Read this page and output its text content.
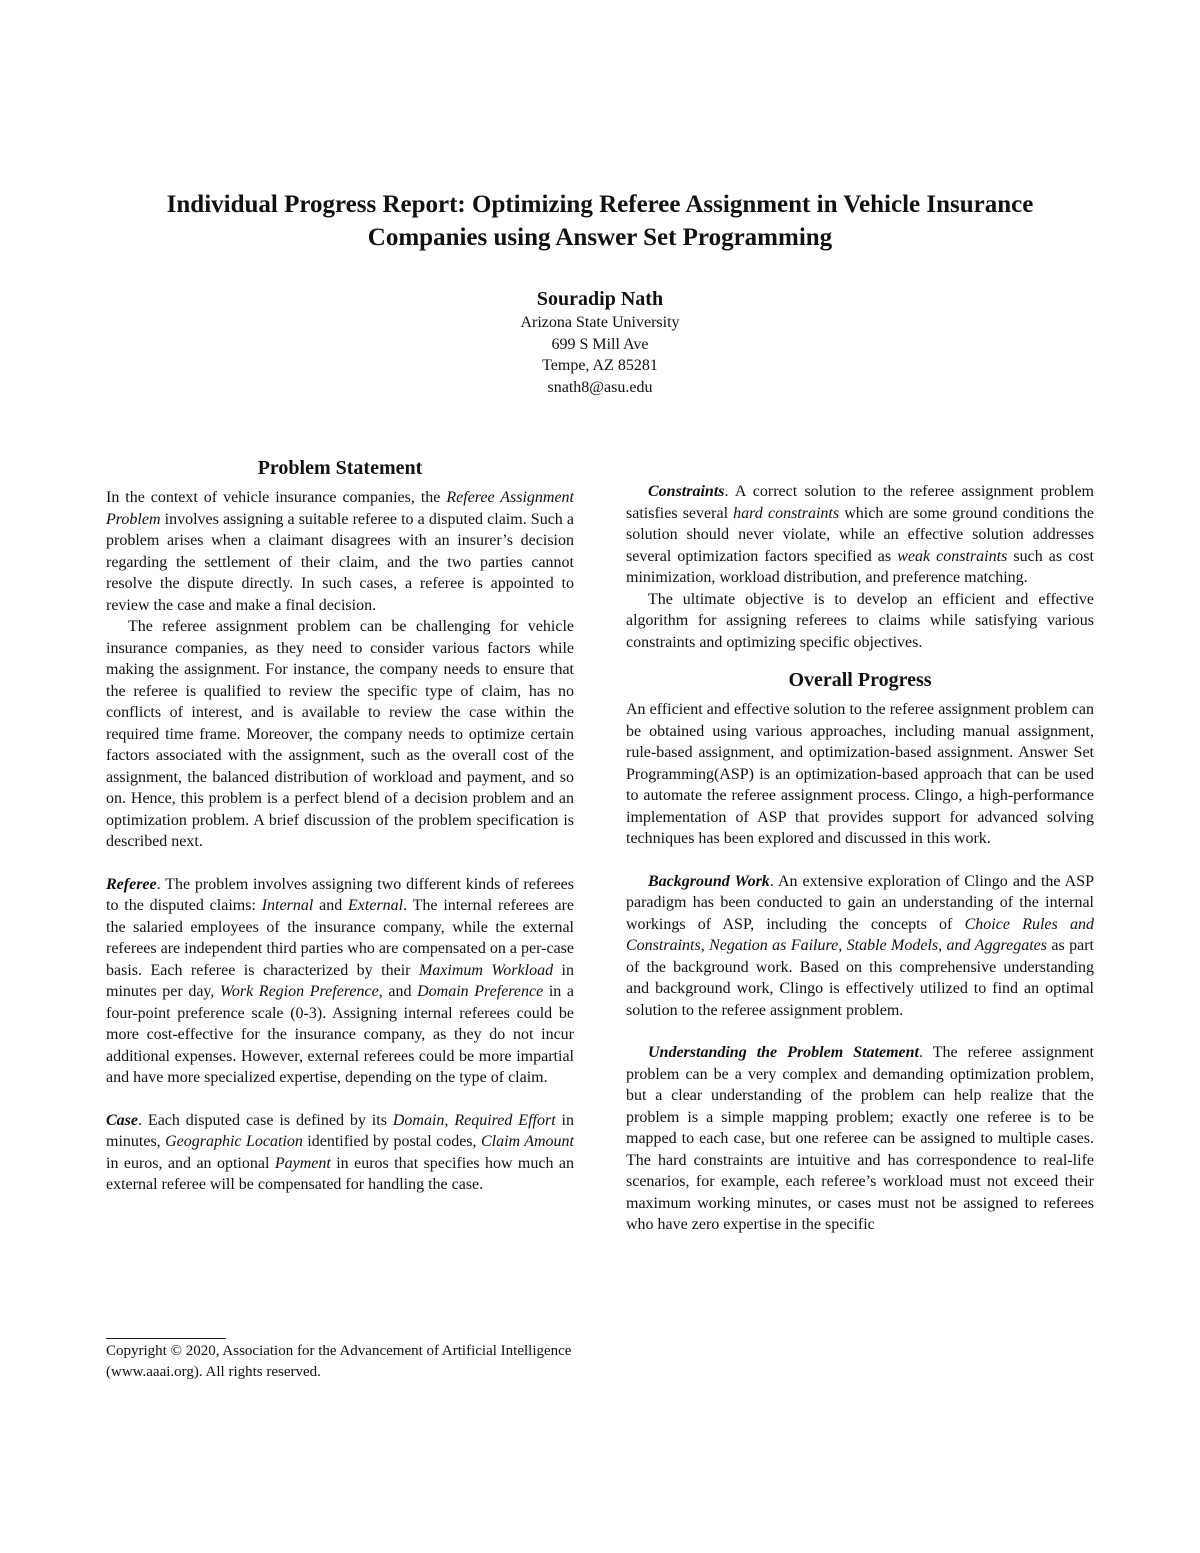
Individual Progress Report: Optimizing Referee Assignment in Vehicle Insurance
Companies using Answer Set Programming
Souradip Nath
Arizona State University
699 S Mill Ave
Tempe, AZ 85281
snath8@asu.edu
Problem Statement

In the context of vehicle insurance companies, the Referee Assignment Problem involves assigning a suitable referee to a disputed claim. Such a problem arises when a claimant disagrees with an insurer’s decision regarding the settlement of their claim, and the two parties cannot resolve the dispute directly. In such cases, a referee is appointed to review the case and make a final decision.

The referee assignment problem can be challenging for vehicle insurance companies, as they need to consider various factors while making the assignment. For instance, the company needs to ensure that the referee is qualified to review the specific type of claim, has no conflicts of interest, and is available to review the case within the required time frame. Moreover, the company needs to optimize certain factors associated with the assignment, such as the overall cost of the assignment, the balanced distribution of workload and payment, and so on. Hence, this problem is a perfect blend of a decision problem and an optimization problem. A brief discussion of the problem specification is described next.

Referee. The problem involves assigning two different kinds of referees to the disputed claims: Internal and External. The internal referees are the salaried employees of the insurance company, while the external referees are independent third parties who are compensated on a per-case basis. Each referee is characterized by their Maximum Workload in minutes per day, Work Region Preference, and Domain Preference in a four-point preference scale (0-3). Assigning internal referees could be more cost-effective for the insurance company, as they do not incur additional expenses. However, external referees could be more impartial and have more specialized expertise, depending on the type of claim.

Case. Each disputed case is defined by its Domain, Required Effort in minutes, Geographic Location identified by postal codes, Claim Amount in euros, and an optional Payment in euros that specifies how much an external referee will be compensated for handling the case.

Constraints. A correct solution to the referee assignment problem satisfies several hard constraints which are some ground conditions the solution should never violate, while an effective solution addresses several optimization factors specified as weak constraints such as cost minimization, workload distribution, and preference matching.

The ultimate objective is to develop an efficient and effective algorithm for assigning referees to claims while satisfying various constraints and optimizing specific objectives.

Overall Progress

An efficient and effective solution to the referee assignment problem can be obtained using various approaches, including manual assignment, rule-based assignment, and optimization-based assignment. Answer Set Programming(ASP) is an optimization-based approach that can be used to automate the referee assignment process. Clingo, a high-performance implementation of ASP that provides support for advanced solving techniques has been explored and discussed in this work.

Background Work. An extensive exploration of Clingo and the ASP paradigm has been conducted to gain an understanding of the internal workings of ASP, including the concepts of Choice Rules and Constraints, Negation as Failure, Stable Models, and Aggregates as part of the background work. Based on this comprehensive understanding and background work, Clingo is effectively utilized to find an optimal solution to the referee assignment problem.

Understanding the Problem Statement. The referee assignment problem can be a very complex and demanding optimization problem, but a clear understanding of the problem can help realize that the problem is a simple mapping problem; exactly one referee is to be mapped to each case, but one referee can be assigned to multiple cases. The hard constraints are intuitive and has correspondence to real-life scenarios, for example, each referee’s workload must not exceed their maximum working minutes, or cases must not be assigned to referees who have zero expertise in the specific

Copyright © 2020, Association for the Advancement of Artificial Intelligence (www.aaai.org). All rights reserved.
